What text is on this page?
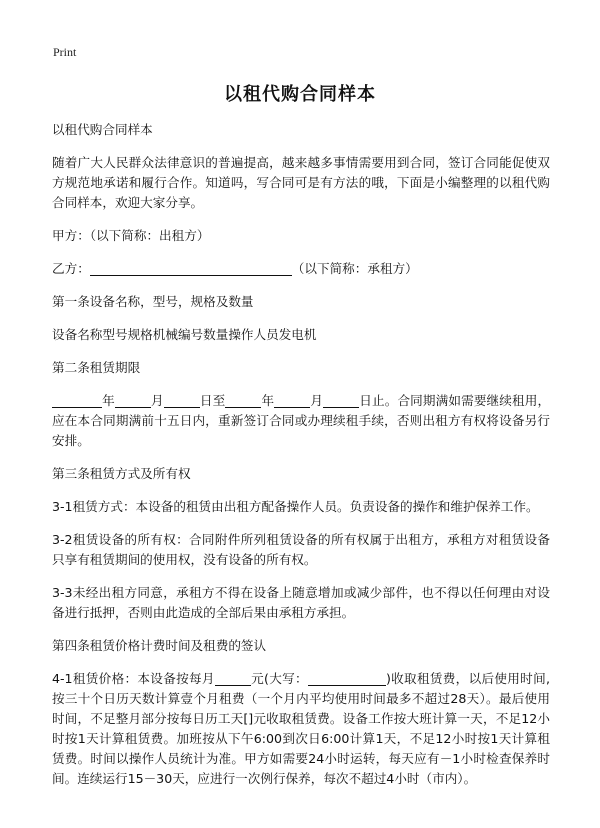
Print
以租代购合同样本

以租代购合同样本

随着广大人民群众法律意识的普遍提高，越来越多事情需要用到合同，签订合同能促使双方规范地承诺和履行合作。知道吗，写合同可是有方法的哦，下面是小编整理的以租代购合同样本，欢迎大家分享。

甲方：（以下简称：出租方）

乙方：	（以下简称：承租方）

第一条设备名称，型号，规格及数量

设备名称型号规格机械编号数量操作人员发电机

第二条租赁期限

年	月	日至	年	月	日止。合同期满如需要继续租用，应在本合同期满前十五日内，重新签订合同或办理续租手续，否则出租方有权将设备另行安排。

第三条租赁方式及所有权

3-1租赁方式：本设备的租赁由出租方配备操作人员。负责设备的操作和维护保养工作。

3-2租赁设备的所有权：合同附件所列租赁设备的所有权属于出租方，承租方对租赁设备只享有租赁期间的使用权，没有设备的所有权。

3-3未经出租方同意，承租方不得在设备上随意增加或减少部件，也不得以任何理由对设备进行抵押，否则由此造成的全部后果由承租方承担。

第四条租赁价格计费时间及租费的签认

4-1租赁价格：本设备按每月	元(大写：	)收取租赁费，以后使用时间,按三十个日历天数计算壹个月租费（一个月内平均使用时间最多不超过28天）。最后使用时间，不足整月部分按每日历工天[]元收取租赁费。设备工作按大班计算一天，不足12小时按1天计算租赁费。加班按从下午6:00到次日6:00计算1天，不足12小时按1天计算租赁费。时间以操作人员统计为准。甲方如需要24小时运转，每天应有－1小时检查保养时间。连续运行15－30天，应进行一次例行保养，每次不超过4小时（市内）。
